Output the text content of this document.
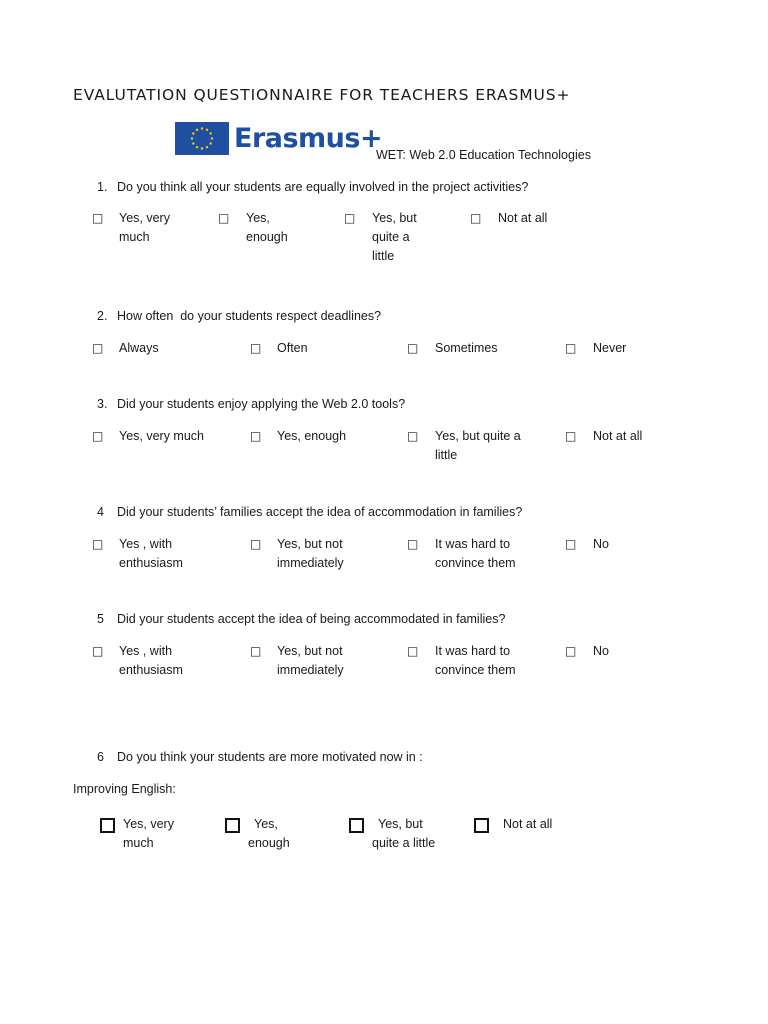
EVALUTATION QUESTIONNAIRE FOR TEACHERS ERASMUS+
Erasmus+
WET: Web 2.0 Education Technologies
1. Do you think all your students are equally involved in the project activities?
□ Yes, very
much
□ Yes,
enough
□ Yes, but
quite a
little
□ Not at all
2. How often  do your students respect deadlines?
□ Always	□ Often	□ Sometimes	□ Never
3. Did your students enjoy applying the Web 2.0 tools?
□ Yes, very much	□ Yes, enough	□ Yes, but quite a
little
□ Not at all
4 Did your students’ families accept the idea of accommodation in families?
□ Yes , with
enthusiasm
□ Yes, but not
immediately
□ It was hard to
convince them
□ No
5 Did your students accept the idea of being accommodated in families?
□ Yes , with
enthusiasm
□ Yes, but not
immediately
□ It was hard to
convince them
□ No
6 Do you think your students are more motivated now in :
Improving English:
Yes, very
much
Yes,
enough
Yes, but
quite a little
Not at all
